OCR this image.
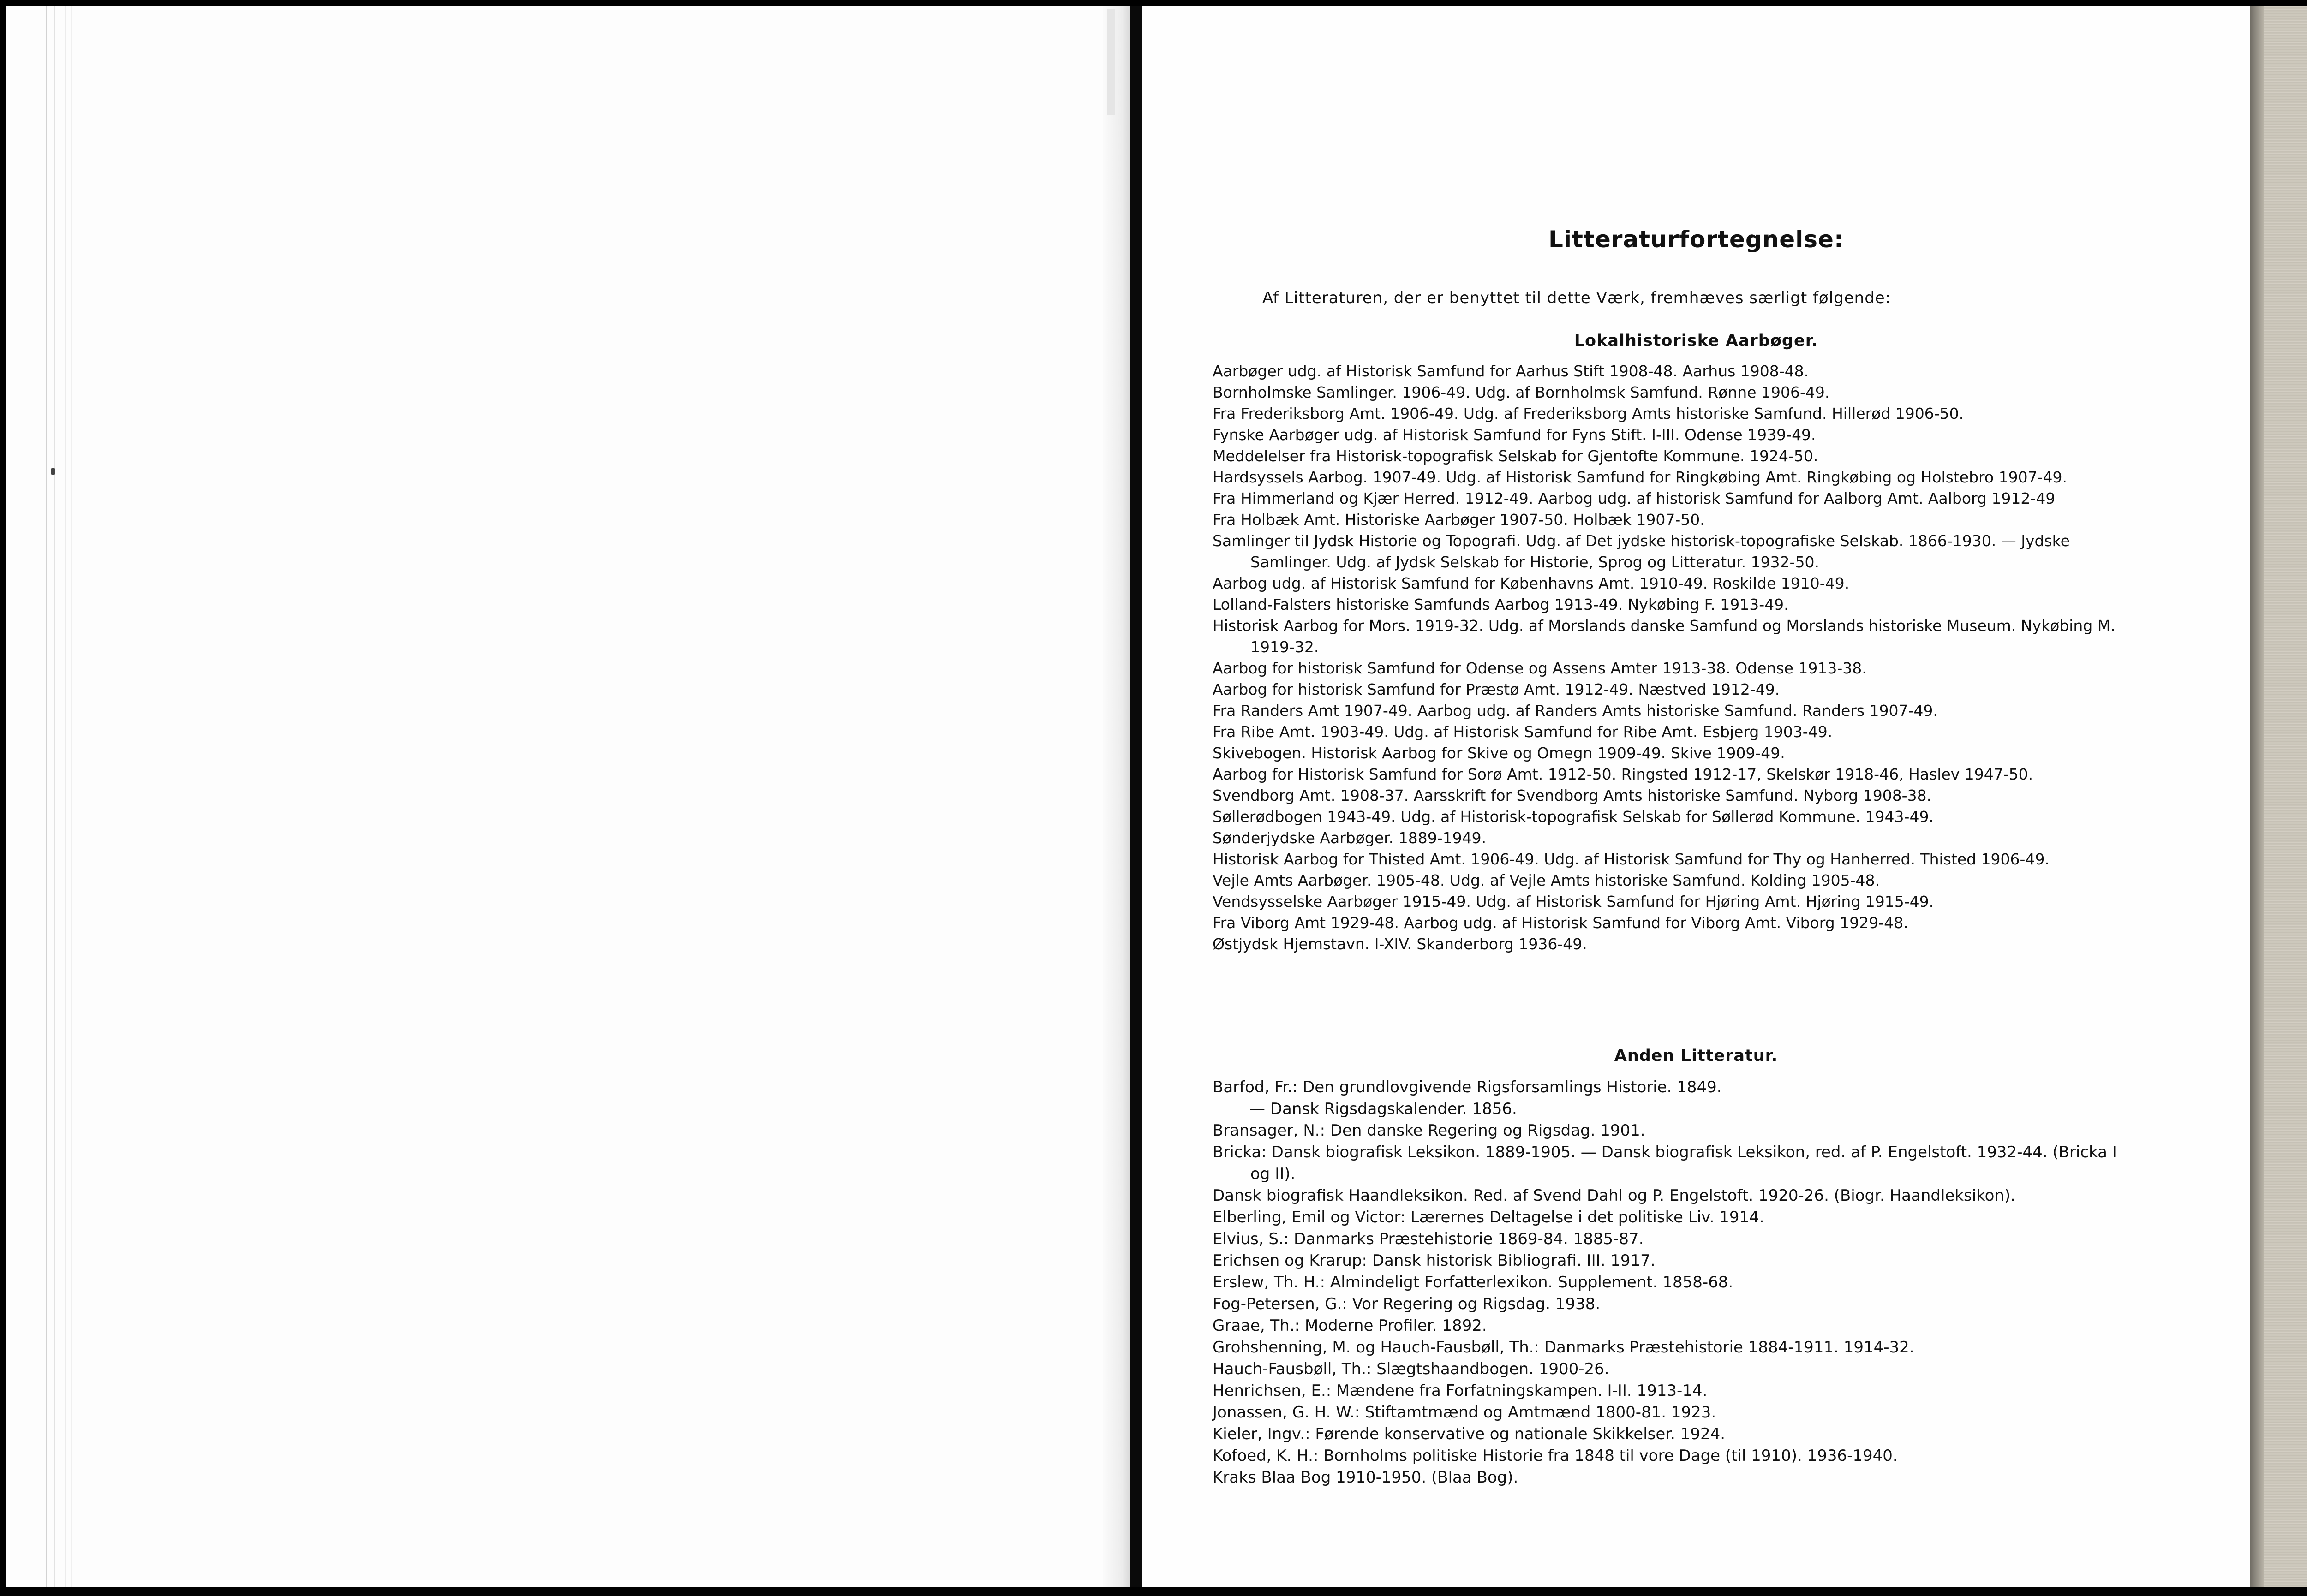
Litteraturfortegnelse:
Af Litteraturen, der er benyttet til dette Værk, fremhæves særligt følgende:
Lokalhistoriske Aarbøger.
Aarbøger udg. af Historisk Samfund for Aarhus Stift 1908-48. Aarhus 1908-48.
Bornholmske Samlinger. 1906-49. Udg. af Bornholmsk Samfund. Rønne 1906-49.
Fra Frederiksborg Amt. 1906-49. Udg. af Frederiksborg Amts historiske Samfund. Hillerød 1906-50.
Fynske Aarbøger udg. af Historisk Samfund for Fyns Stift. I-III. Odense 1939-49.
Meddelelser fra Historisk-topografisk Selskab for Gjentofte Kommune. 1924-50.
Hardsyssels Aarbog. 1907-49. Udg. af Historisk Samfund for Ringkøbing Amt. Ringkøbing og Holstebro 1907-49.
Fra Himmerland og Kjær Herred. 1912-49. Aarbog udg. af historisk Samfund for Aalborg Amt. Aalborg 1912-49
Fra Holbæk Amt. Historiske Aarbøger 1907-50. Holbæk 1907-50.
Samlinger til Jydsk Historie og Topografi. Udg. af Det jydske historisk-topografiske Selskab. 1866-1930. — Jydske Samlinger. Udg. af Jydsk Selskab for Historie, Sprog og Litteratur. 1932-50.
Aarbog udg. af Historisk Samfund for Københavns Amt. 1910-49. Roskilde 1910-49.
Lolland-Falsters historiske Samfunds Aarbog 1913-49. Nykøbing F. 1913-49.
Historisk Aarbog for Mors. 1919-32. Udg. af Morslands danske Samfund og Morslands historiske Museum. Nykøbing M. 1919-32.
Aarbog for historisk Samfund for Odense og Assens Amter 1913-38. Odense 1913-38.
Aarbog for historisk Samfund for Præstø Amt. 1912-49. Næstved 1912-49.
Fra Randers Amt 1907-49. Aarbog udg. af Randers Amts historiske Samfund. Randers 1907-49.
Fra Ribe Amt. 1903-49. Udg. af Historisk Samfund for Ribe Amt. Esbjerg 1903-49.
Skivebogen. Historisk Aarbog for Skive og Omegn 1909-49. Skive 1909-49.
Aarbog for Historisk Samfund for Sorø Amt. 1912-50. Ringsted 1912-17, Skelskør 1918-46, Haslev 1947-50.
Svendborg Amt. 1908-37. Aarsskrift for Svendborg Amts historiske Samfund. Nyborg 1908-38.
Søllerødbogen 1943-49. Udg. af Historisk-topografisk Selskab for Søllerød Kommune. 1943-49.
Sønderjydske Aarbøger. 1889-1949.
Historisk Aarbog for Thisted Amt. 1906-49. Udg. af Historisk Samfund for Thy og Hanherred. Thisted 1906-49.
Vejle Amts Aarbøger. 1905-48. Udg. af Vejle Amts historiske Samfund. Kolding 1905-48.
Vendsysselske Aarbøger 1915-49. Udg. af Historisk Samfund for Hjøring Amt. Hjøring 1915-49.
Fra Viborg Amt 1929-48. Aarbog udg. af Historisk Samfund for Viborg Amt. Viborg 1929-48.
Østjydsk Hjemstavn. I-XIV. Skanderborg 1936-49.
Anden Litteratur.
Barfod, Fr.: Den grundlovgivende Rigsforsamlings Historie. 1849.
— Dansk Rigsdagskalender. 1856.
Bransager, N.: Den danske Regering og Rigsdag. 1901.
Bricka: Dansk biografisk Leksikon. 1889-1905. — Dansk biografisk Leksikon, red. af P. Engelstoft. 1932-44. (Bricka I og II).
Dansk biografisk Haandleksikon. Red. af Svend Dahl og P. Engelstoft. 1920-26. (Biogr. Haandleksikon).
Elberling, Emil og Victor: Lærernes Deltagelse i det politiske Liv. 1914.
Elvius, S.: Danmarks Præstehistorie 1869-84. 1885-87.
Erichsen og Krarup: Dansk historisk Bibliografi. III. 1917.
Erslew, Th. H.: Almindeligt Forfatterlexikon. Supplement. 1858-68.
Fog-Petersen, G.: Vor Regering og Rigsdag. 1938.
Graae, Th.: Moderne Profiler. 1892.
Grohshenning, M. og Hauch-Fausbøll, Th.: Danmarks Præstehistorie 1884-1911. 1914-32.
Hauch-Fausbøll, Th.: Slægtshaandbogen. 1900-26.
Henrichsen, E.: Mændene fra Forfatningskampen. I-II. 1913-14.
Jonassen, G. H. W.: Stiftamtmænd og Amtmænd 1800-81. 1923.
Kieler, Ingv.: Førende konservative og nationale Skikkelser. 1924.
Kofoed, K. H.: Bornholms politiske Historie fra 1848 til vore Dage (til 1910). 1936-1940.
Kraks Blaa Bog 1910-1950. (Blaa Bog).
